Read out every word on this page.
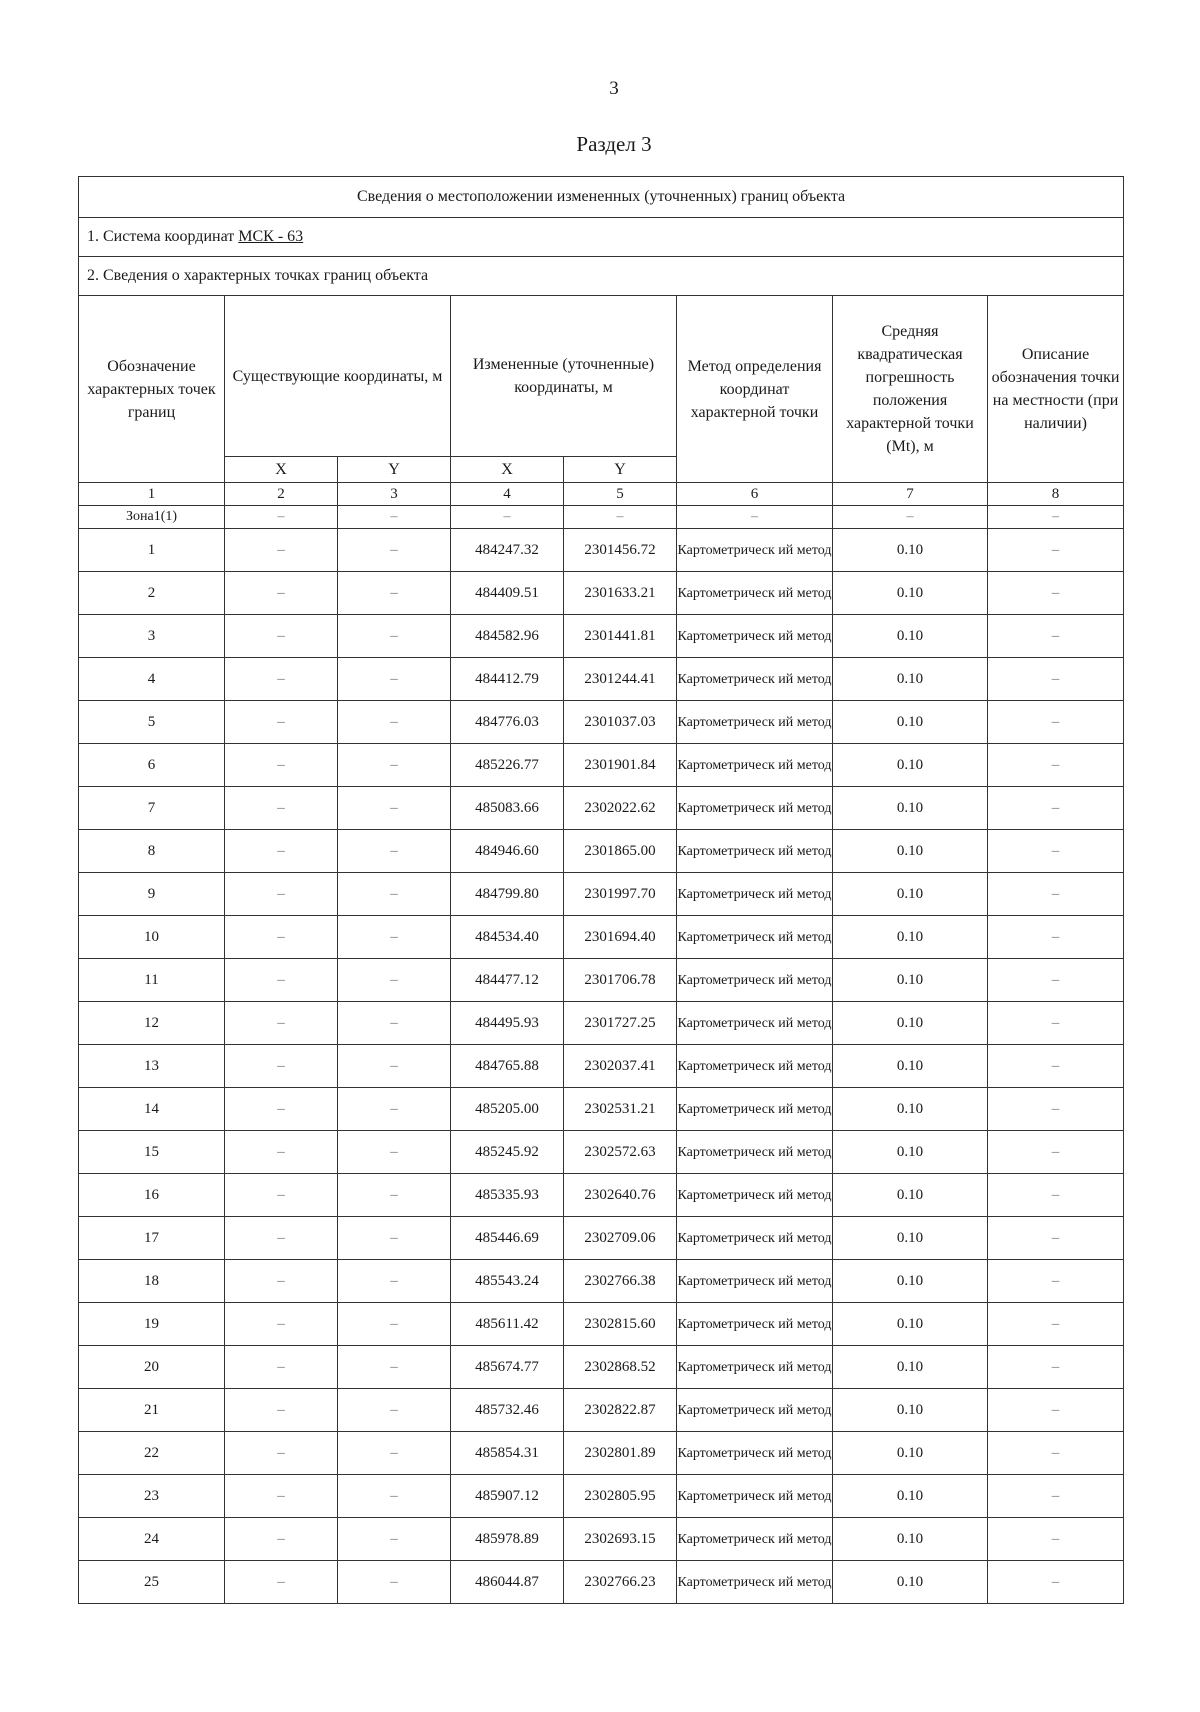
3
Раздел 3
Сведения о местоположении измененных (уточненных) границ объекта							
1. Система координат МСК - 63							
2. Сведения о характерных точках границ объекта							
Обозначение характерных точек границ	Существующие координаты, м		Измененные (уточненные) координаты, м		Метод определения координат характерной точки	Средняя квадратическая погрешность положения характерной точки (Mt), м	Описание обозначения точки на местности (при наличии)
	X	Y	X	Y			
1	2	3	4	5	6	7	8
Зона1(1)	–	–	–	–	–	–	–
1	–	–	484247.32	2301456.72	Картометрическ ий метод	0.10	–
2	–	–	484409.51	2301633.21	Картометрическ ий метод	0.10	–
3	–	–	484582.96	2301441.81	Картометрическ ий метод	0.10	–
4	–	–	484412.79	2301244.41	Картометрическ ий метод	0.10	–
5	–	–	484776.03	2301037.03	Картометрическ ий метод	0.10	–
6	–	–	485226.77	2301901.84	Картометрическ ий метод	0.10	–
7	–	–	485083.66	2302022.62	Картометрическ ий метод	0.10	–
8	–	–	484946.60	2301865.00	Картометрическ ий метод	0.10	–
9	–	–	484799.80	2301997.70	Картометрическ ий метод	0.10	–
10	–	–	484534.40	2301694.40	Картометрическ ий метод	0.10	–
11	–	–	484477.12	2301706.78	Картометрическ ий метод	0.10	–
12	–	–	484495.93	2301727.25	Картометрическ ий метод	0.10	–
13	–	–	484765.88	2302037.41	Картометрическ ий метод	0.10	–
14	–	–	485205.00	2302531.21	Картометрическ ий метод	0.10	–
15	–	–	485245.92	2302572.63	Картометрическ ий метод	0.10	–
16	–	–	485335.93	2302640.76	Картометрическ ий метод	0.10	–
17	–	–	485446.69	2302709.06	Картометрическ ий метод	0.10	–
18	–	–	485543.24	2302766.38	Картометрическ ий метод	0.10	–
19	–	–	485611.42	2302815.60	Картометрическ ий метод	0.10	–
20	–	–	485674.77	2302868.52	Картометрическ ий метод	0.10	–
21	–	–	485732.46	2302822.87	Картометрическ ий метод	0.10	–
22	–	–	485854.31	2302801.89	Картометрическ ий метод	0.10	–
23	–	–	485907.12	2302805.95	Картометрическ ий метод	0.10	–
24	–	–	485978.89	2302693.15	Картометрическ ий метод	0.10	–
25	–	–	486044.87	2302766.23	Картометрическ ий метод	0.10	–
